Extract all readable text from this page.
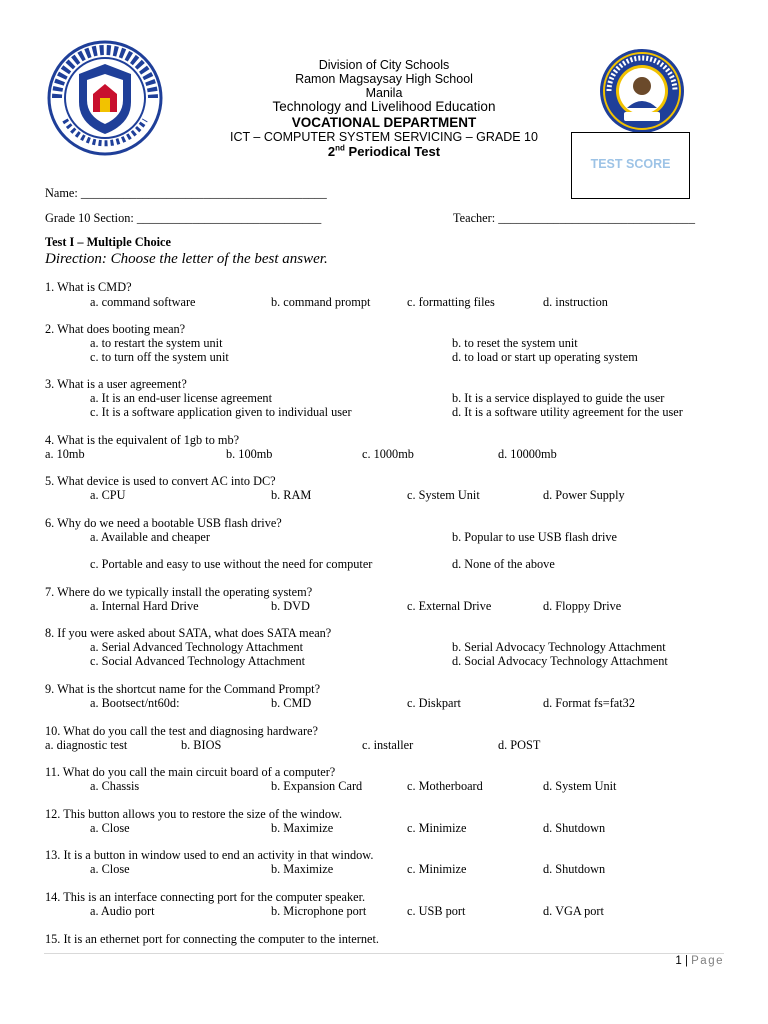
Division of City Schools
Ramon Magsaysay High School
Manila
Technology and Livelihood Education
VOCATIONAL DEPARTMENT
ICT – COMPUTER SYSTEM SERVICING – GRADE 10
2nd Periodical Test
TEST SCORE
Name: ________________________________________
Grade 10 Section: ______________________________	Teacher: ________________________________
Test I – Multiple Choice
Direction: Choose the letter of the best answer.
1. What is CMD?
a. command software	b. command prompt	c. formatting files	d. instruction
2. What does booting mean?
a. to restart the system unit	b. to reset the system unit
c. to turn off the system unit	d. to load or start up operating system
3. What is a user agreement?
a. It is an end-user license agreement	b. It is a service displayed to guide the user
c. It is a software application given to individual user	d. It is a software utility agreement for the user
4. What is the equivalent of 1gb to mb?
a. 10mb	b. 100mb	c. 1000mb	d. 10000mb
5. What device is used to convert AC into DC?
a. CPU	b. RAM	c. System Unit	d. Power Supply
6. Why do we need a bootable USB flash drive?
a. Available and cheaper	b. Popular to use USB flash drive
c. Portable and easy to use without the need for computer	d. None of the above
7. Where do we typically install the operating system?
a. Internal Hard Drive	b. DVD	c. External Drive	d. Floppy Drive
8. If you were asked about SATA, what does SATA mean?
a. Serial Advanced Technology Attachment	b. Serial Advocacy Technology Attachment
c. Social Advanced Technology Attachment	d. Social Advocacy Technology Attachment
9. What is the shortcut name for the Command Prompt?
a. Bootsect/nt60d:	b. CMD	c. Diskpart	d. Format fs=fat32
10. What do you call the test and diagnosing hardware?
a. diagnostic test	b. BIOS	c. installer	d. POST
11. What do you call the main circuit board of a computer?
a. Chassis	b. Expansion Card	c. Motherboard	d. System Unit
12. This button allows you to restore the size of the window.
a. Close	b. Maximize	c. Minimize	d. Shutdown
13. It is a button in window used to end an activity in that window.
a. Close	b. Maximize	c. Minimize	d. Shutdown
14. This is an interface connecting port for the computer speaker.
a. Audio port	b. Microphone port	c. USB port	d. VGA port
15. It is an ethernet port for connecting the computer to the internet.
1 | Page
